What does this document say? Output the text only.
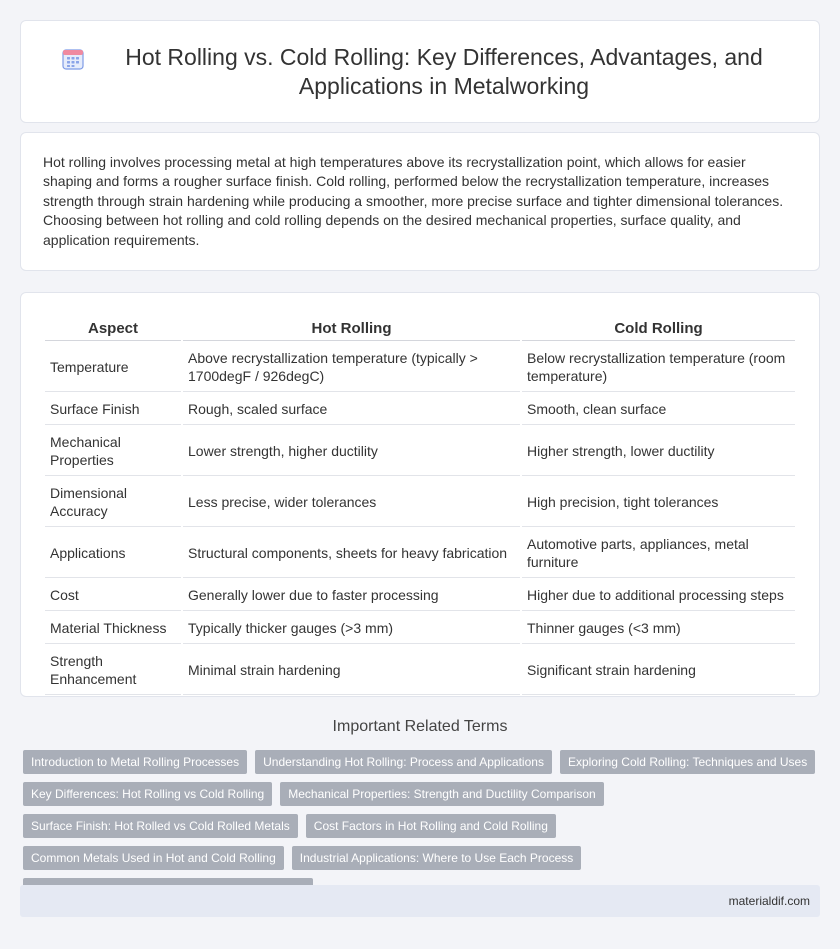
Hot Rolling vs. Cold Rolling: Key Differences, Advantages, and Applications in Metalworking

Hot rolling involves processing metal at high temperatures above its recrystallization point, which allows for easier shaping and forms a rougher surface finish. Cold rolling, performed below the recrystallization temperature, increases strength through strain hardening while producing a smoother, more precise surface and tighter dimensional tolerances. Choosing between hot rolling and cold rolling depends on the desired mechanical properties, surface quality, and application requirements.

Aspect	Hot Rolling	Cold Rolling
Temperature	Above recrystallization temperature (typically > 1700degF / 926degC)	Below recrystallization temperature (room temperature)
Surface Finish	Rough, scaled surface	Smooth, clean surface
Mechanical Properties	Lower strength, higher ductility	Higher strength, lower ductility
Dimensional Accuracy	Less precise, wider tolerances	High precision, tight tolerances
Applications	Structural components, sheets for heavy fabrication	Automotive parts, appliances, metal furniture
Cost	Generally lower due to faster processing	Higher due to additional processing steps
Material Thickness	Typically thicker gauges (>3 mm)	Thinner gauges (<3 mm)
Strength Enhancement	Minimal strain hardening	Significant strain hardening
Important Related Terms
Introduction to Metal Rolling Processes	Understanding Hot Rolling: Process and Applications	Exploring Cold Rolling: Techniques and Uses
Key Differences: Hot Rolling vs Cold Rolling	Mechanical Properties: Strength and Ductility Comparison
Surface Finish: Hot Rolled vs Cold Rolled Metals	Cost Factors in Hot Rolling and Cold Rolling
Common Metals Used in Hot and Cold Rolling	Industrial Applications: Where to Use Each Process
materialdif.com
